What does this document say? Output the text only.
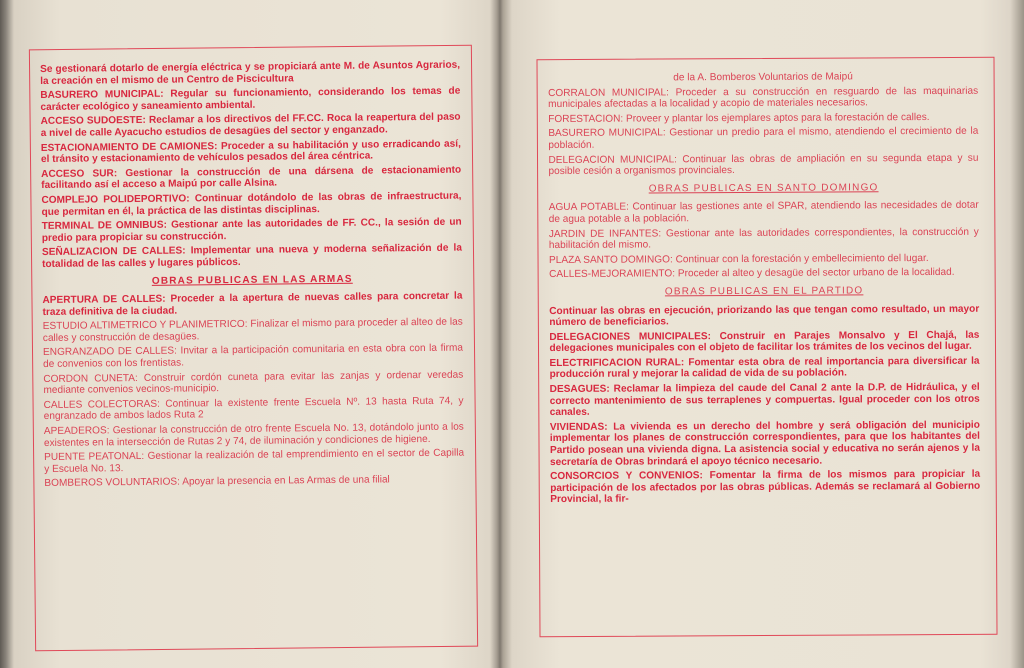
Se gestionará dotarlo de energía eléctrica y se propiciará ante M. de Asuntos Agrarios, la creación en el mismo de un Centro de Piscicultura

BASURERO MUNICIPAL: Regular su funcionamiento, considerando los temas de carácter ecológico y saneamiento ambiental.

ACCESO SUDOESTE: Reclamar a los directivos del FF.CC. Roca la reapertura del paso a nivel de calle Ayacucho estudios de desagües del sector y enganzado.

ESTACIONAMIENTO DE CAMIONES: Proceder a su habilitación y uso erradicando así, el tránsito y estacionamiento de vehículos pesados del área céntrica.

ACCESO SUR: Gestionar la construcción de una dársena de estacionamiento facilitando así el acceso a Maipú por calle Alsina.

COMPLEJO POLIDEPORTIVO: Continuar dotándolo de las obras de infraestructura, que permitan en él, la práctica de las distintas disciplinas.

TERMINAL DE OMNIBUS: Gestionar ante las autoridades de FF. CC., la sesión de un predio para propiciar su construcción.

SEÑALIZACION DE CALLES: Implementar una nueva y moderna señalización de la totalidad de las calles y lugares públicos.

OBRAS PUBLICAS EN LAS ARMAS

APERTURA DE CALLES: Proceder a la apertura de nuevas calles para concretar la traza definitiva de la ciudad.

ESTUDIO ALTIMETRICO Y PLANIMETRICO: Finalizar el mismo para proceder al alteo de las calles y construcción de desagües.

ENGRANZADO DE CALLES: Invitar a la participación comunitaria en esta obra con la firma de convenios con los frentistas.

CORDON CUNETA: Construir cordón cuneta para evitar las zanjas y ordenar veredas mediante convenios vecinos-municipio.

CALLES COLECTORAS: Continuar la existente frente Escuela Nº. 13 hasta Ruta 74, y engranzado de ambos lados Ruta 2

APEADEROS: Gestionar la construcción de otro frente Escuela No. 13, dotándolo junto a los existentes en la intersección de Rutas 2 y 74, de iluminación y condiciones de higiene.

PUENTE PEATONAL: Gestionar la realización de tal emprendimiento en el sector de Capilla y Escuela No. 13.

BOMBEROS VOLUNTARIOS: Apoyar la presencia en Las Armas de una filial

de la A. Bomberos Voluntarios de Maipú

CORRALON MUNICIPAL: Proceder a su construcción en resguardo de las maquinarias municipales afectadas a la localidad y acopio de materiales necesarios.

FORESTACION: Proveer y plantar los ejemplares aptos para la forestación de calles.

BASURERO MUNICIPAL: Gestionar un predio para el mismo, atendiendo el crecimiento de la población.

DELEGACION MUNICIPAL: Continuar las obras de ampliación en su segunda etapa y su posible cesión a organismos provinciales.

OBRAS PUBLICAS EN SANTO DOMINGO

AGUA POTABLE: Continuar las gestiones ante el SPAR, atendiendo las necesidades de dotar de agua potable a la población.

JARDIN DE INFANTES: Gestionar ante las autoridades correspondientes, la construcción y habilitación del mismo.

PLAZA SANTO DOMINGO: Continuar con la forestación y embellecimiento del lugar.

CALLES-MEJORAMIENTO: Proceder al alteo y desagüe del sector urbano de la localidad.

OBRAS PUBLICAS EN EL PARTIDO

Continuar las obras en ejecución, priorizando las que tengan como resultado, un mayor número de beneficiarios.

DELEGACIONES MUNICIPALES: Construir en Parajes Monsalvo y El Chajá, las delegaciones municipales con el objeto de facilitar los trámites de los vecinos del lugar.

ELECTRIFICACION RURAL: Fomentar esta obra de real importancia para diversificar la producción rural y mejorar la calidad de vida de su población.

DESAGUES: Reclamar la limpieza del caude del Canal 2 ante la D.P. de Hidráulica, y el correcto mantenimiento de sus terraplenes y compuertas. Igual proceder con los otros canales.

VIVIENDAS: La vivienda es un derecho del hombre y será obligación del municipio implementar los planes de construcción correspondientes, para que los habitantes del Partido posean una vivienda digna. La asistencia social y educativa no serán ajenos y la secretaría de Obras brindará el apoyo técnico necesario.

CONSORCIOS Y CONVENIOS: Fomentar la firma de los mismos para propiciar la participación de los afectados por las obras públicas. Además se reclamará al Gobierno Provincial, la fir-
